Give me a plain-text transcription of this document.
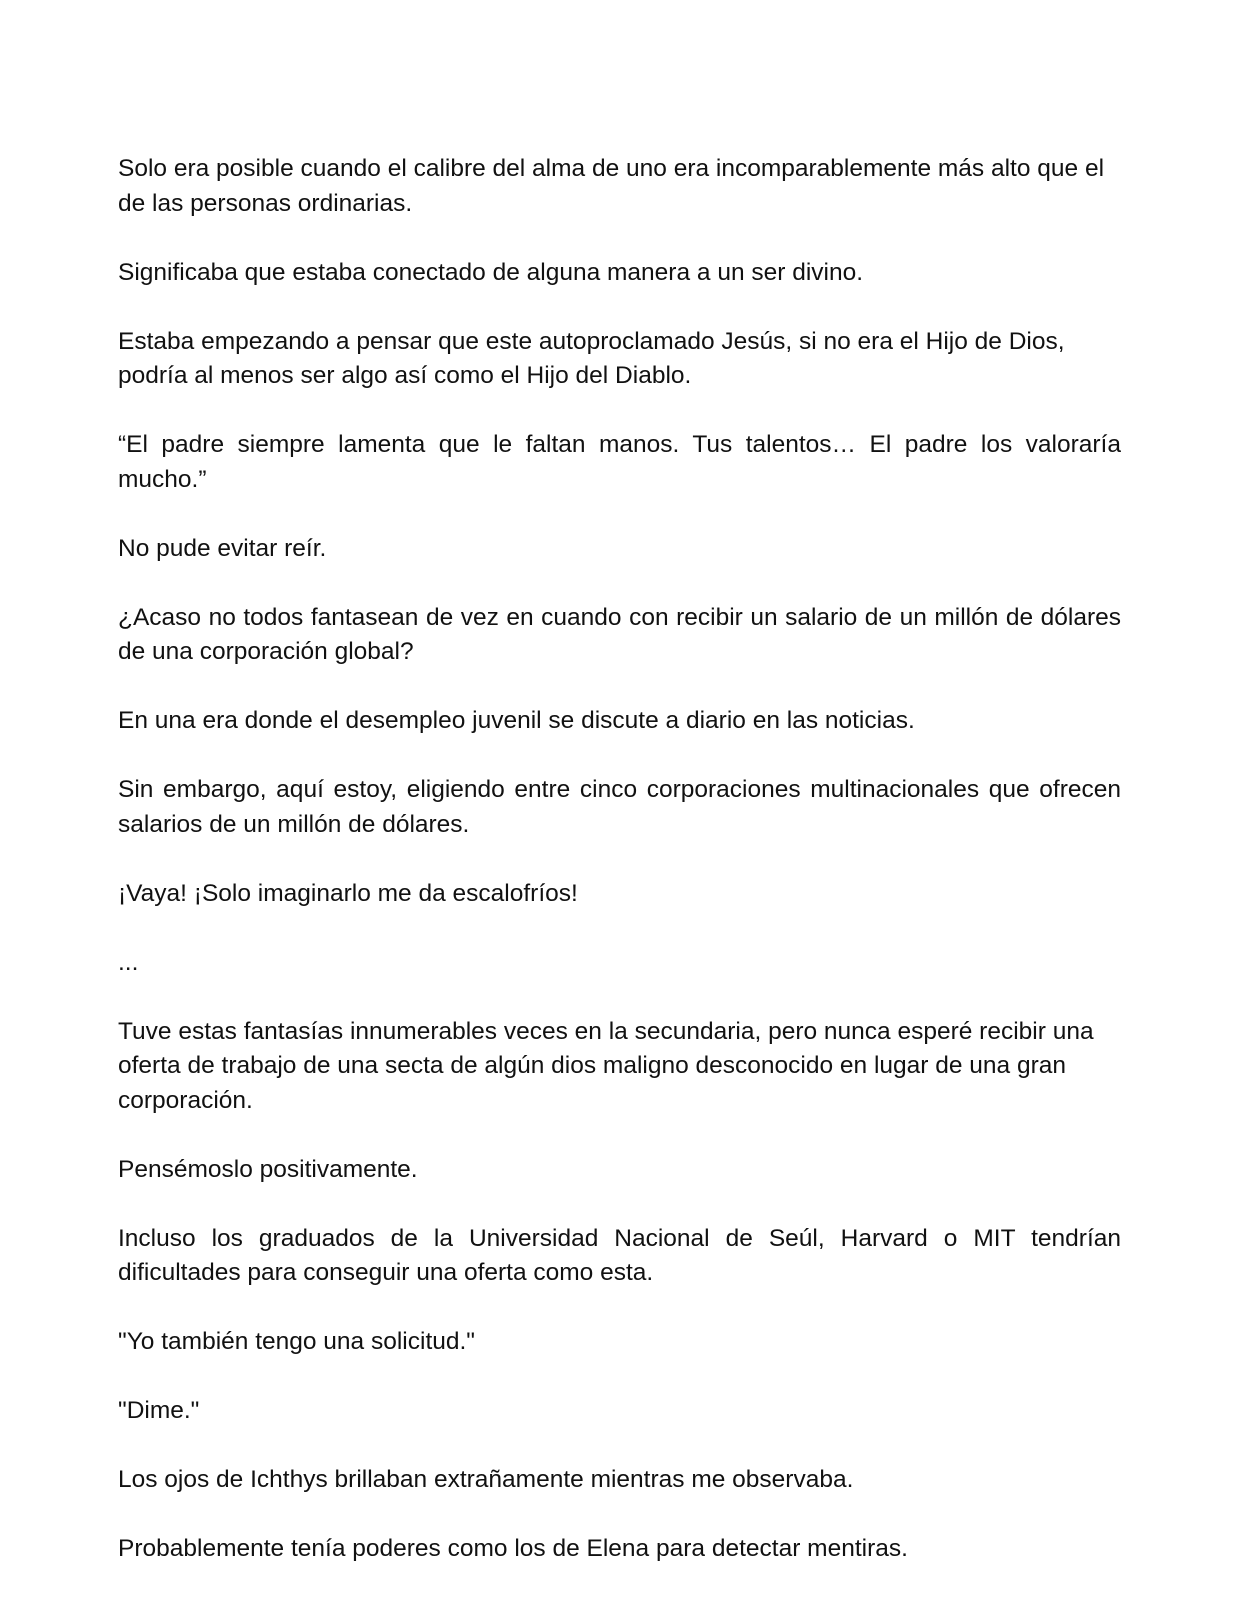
Solo era posible cuando el calibre del alma de uno era incomparablemente más alto que el de las personas ordinarias.

Significaba que estaba conectado de alguna manera a un ser divino.

Estaba empezando a pensar que este autoproclamado Jesús, si no era el Hijo de Dios, podría al menos ser algo así como el Hijo del Diablo.

“El padre siempre lamenta que le faltan manos. Tus talentos… El padre los valoraría mucho.”

No pude evitar reír.

¿Acaso no todos fantasean de vez en cuando con recibir un salario de un millón de dólares de una corporación global?

En una era donde el desempleo juvenil se discute a diario en las noticias.

Sin embargo, aquí estoy, eligiendo entre cinco corporaciones multinacionales que ofrecen salarios de un millón de dólares.

¡Vaya! ¡Solo imaginarlo me da escalofríos!

...

Tuve estas fantasías innumerables veces en la secundaria, pero nunca esperé recibir una oferta de trabajo de una secta de algún dios maligno desconocido en lugar de una gran corporación.

Pensémoslo positivamente.

Incluso los graduados de la Universidad Nacional de Seúl, Harvard o MIT tendrían dificultades para conseguir una oferta como esta.

"Yo también tengo una solicitud."

"Dime."

Los ojos de Ichthys brillaban extrañamente mientras me observaba.

Probablemente tenía poderes como los de Elena para detectar mentiras.
